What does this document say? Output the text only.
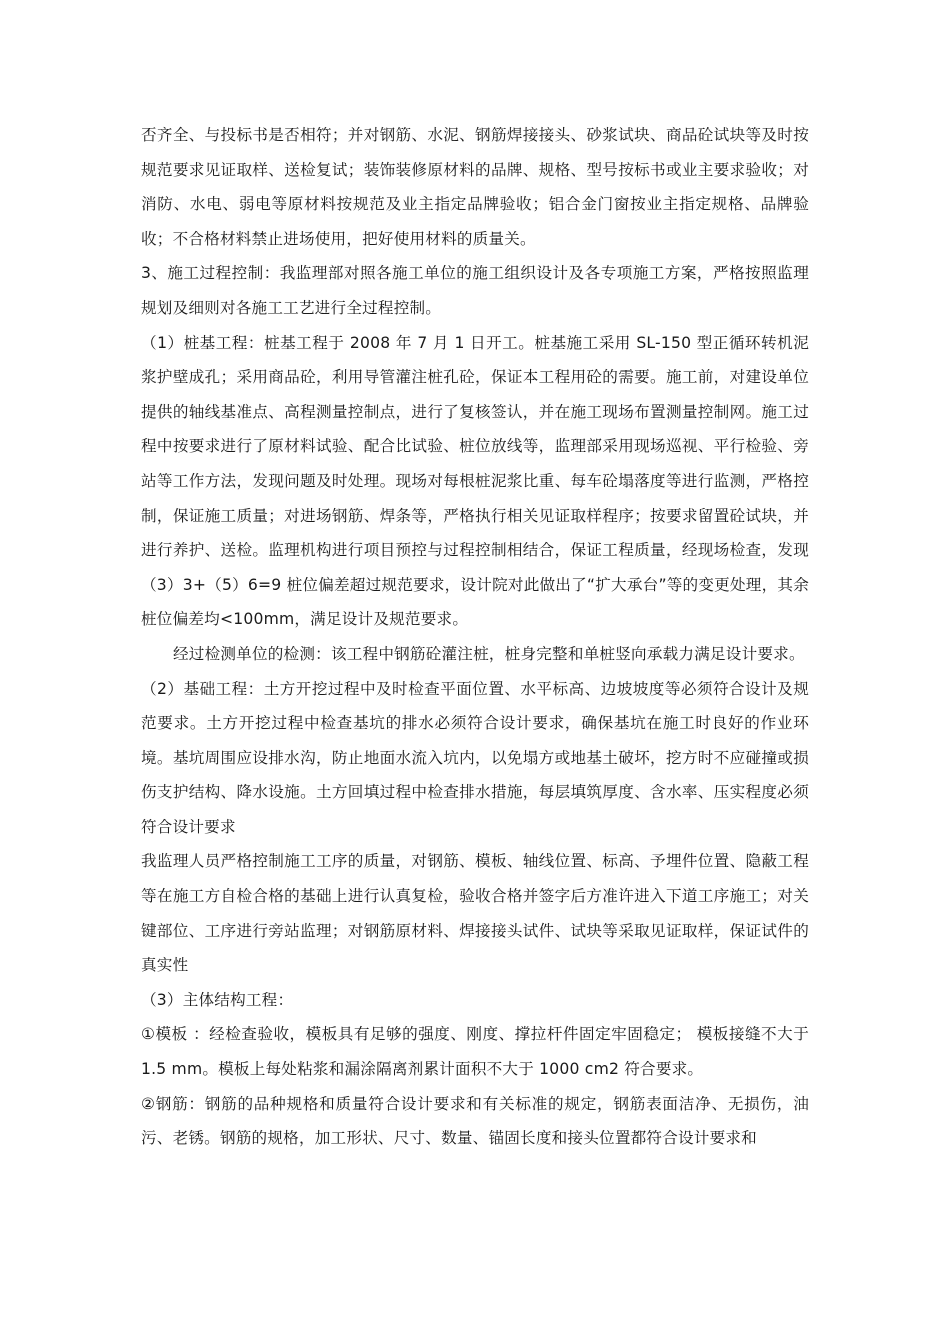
否齐全、与投标书是否相符；并对钢筋、水泥、钢筋焊接接头、砂浆试块、商品砼试块等及时按规范要求见证取样、送检复试；装饰装修原材料的品牌、规格、型号按标书或业主要求验收；对消防、水电、弱电等原材料按规范及业主指定品牌验收；铝合金门窗按业主指定规格、品牌验收；不合格材料禁止进场使用，把好使用材料的质量关。

3、施工过程控制：我监理部对照各施工单位的施工组织设计及各专项施工方案，严格按照监理规划及细则对各施工工艺进行全过程控制。

（1）桩基工程：桩基工程于 2008 年 7 月 1 日开工。桩基施工采用 SL-150 型正循环转机泥浆护壁成孔；采用商品砼，利用导管灌注桩孔砼，保证本工程用砼的需要。施工前，对建设单位提供的轴线基准点、高程测量控制点，进行了复核签认，并在施工现场布置测量控制网。施工过程中按要求进行了原材料试验、配合比试验、桩位放线等，监理部采用现场巡视、平行检验、旁站等工作方法，发现问题及时处理。现场对每根桩泥浆比重、每车砼塌落度等进行监测，严格控制，保证施工质量；对进场钢筋、焊条等，严格执行相关见证取样程序；按要求留置砼试块，并进行养护、送检。监理机构进行项目预控与过程控制相结合，保证工程质量，经现场检查，发现（3）3+（5）6=9 桩位偏差超过规范要求，设计院对此做出了“扩大承台”等的变更处理，其余桩位偏差均<100mm，满足设计及规范要求。

经过检测单位的检测：该工程中钢筋砼灌注桩，桩身完整和单桩竖向承载力满足设计要求。

（2）基础工程：土方开挖过程中及时检查平面位置、水平标高、边坡坡度等必须符合设计及规范要求。土方开挖过程中检查基坑的排水必须符合设计要求，确保基坑在施工时良好的作业环境。基坑周围应设排水沟，防止地面水流入坑内，以免塌方或地基土破坏，挖方时不应碰撞或损伤支护结构、降水设施。土方回填过程中检查排水措施，每层填筑厚度、含水率、压实程度必须符合设计要求

我监理人员严格控制施工工序的质量，对钢筋、模板、轴线位置、标高、予埋件位置、隐蔽工程等在施工方自检合格的基础上进行认真复检，验收合格并签字后方准许进入下道工序施工；对关键部位、工序进行旁站监理；对钢筋原材料、焊接接头试件、试块等采取见证取样，保证试件的真实性

（3）主体结构工程：

①模板 ：经检查验收，模板具有足够的强度、刚度、撑拉杆件固定牢固稳定； 模板接缝不大于 1.5 mm。模板上每处粘浆和漏涂隔离剂累计面积不大于 1000 cm2 符合要求。

②钢筋：钢筋的品种规格和质量符合设计要求和有关标准的规定，钢筋表面洁净、无损伤，油污、老锈。钢筋的规格，加工形状、尺寸、数量、锚固长度和接头位置都符合设计要求和
